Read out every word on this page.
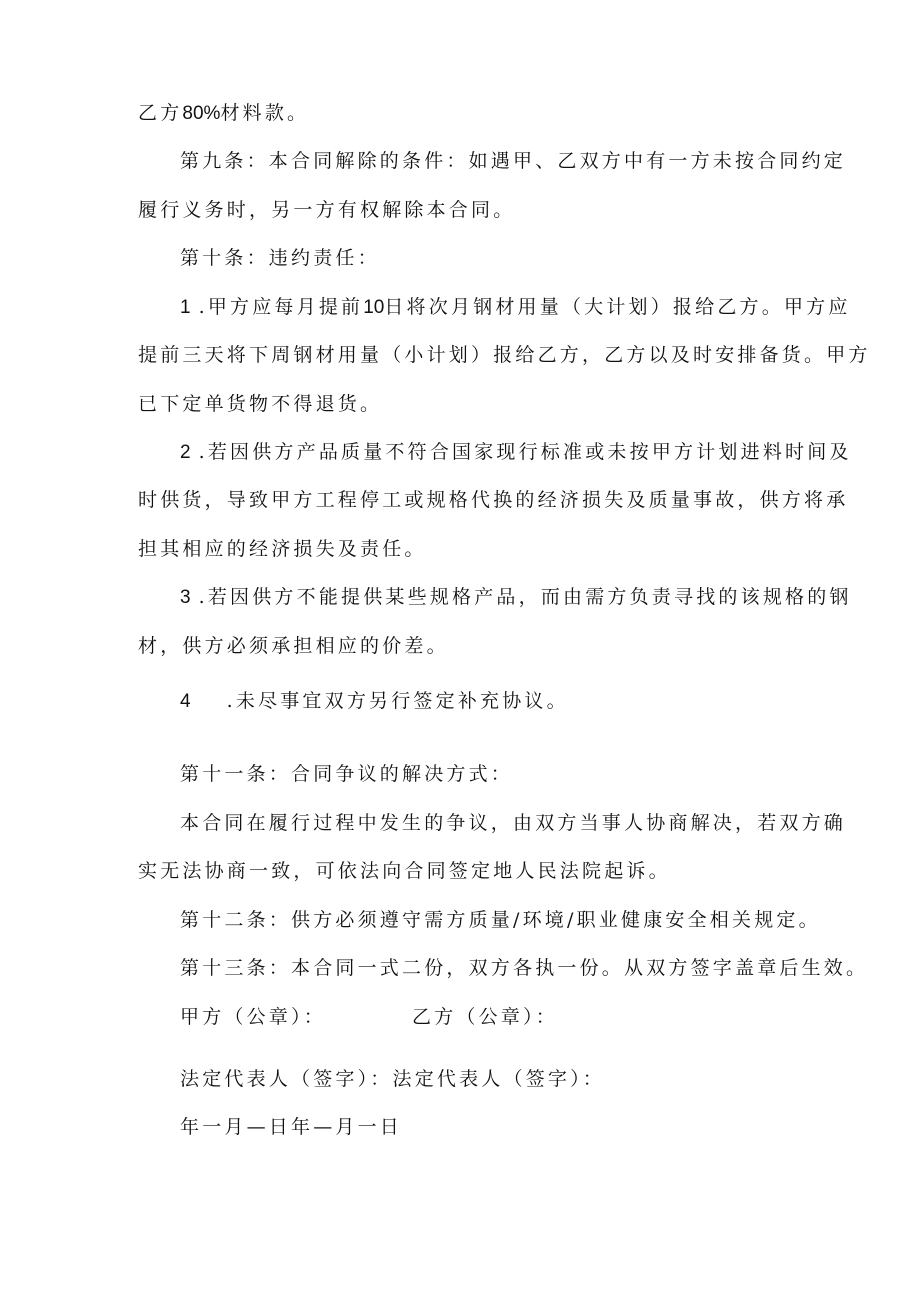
乙方80%材料款。
第九条：本合同解除的条件：如遇甲、乙双方中有一方未按合同约定
履行义务时，另一方有权解除本合同。
第十条：违约责任：
1 .甲方应每月提前10日将次月钢材用量（大计划）报给乙方。甲方应
提前三天将下周钢材用量（小计划）报给乙方，乙方以及时安排备货。甲方
已下定单货物不得退货。
2 .若因供方产品质量不符合国家现行标准或未按甲方计划进料时间及
时供货，导致甲方工程停工或规格代换的经济损失及质量事故，供方将承
担其相应的经济损失及责任。
3 .若因供方不能提供某些规格产品，而由需方负责寻找的该规格的钢
材，供方必须承担相应的价差。
4 .未尽事宜双方另行签定补充协议。
第十一条：合同争议的解决方式：
本合同在履行过程中发生的争议，由双方当事人协商解决，若双方确
实无法协商一致，可依法向合同签定地人民法院起诉。
第十二条：供方必须遵守需方质量/环境/职业健康安全相关规定。
第十三条：本合同一式二份，双方各执一份。从双方签字盖章后生效。
甲方（公章）：	乙方（公章）：
法定代表人（签字）：法定代表人（签字）：
年一月—日年—月一日
